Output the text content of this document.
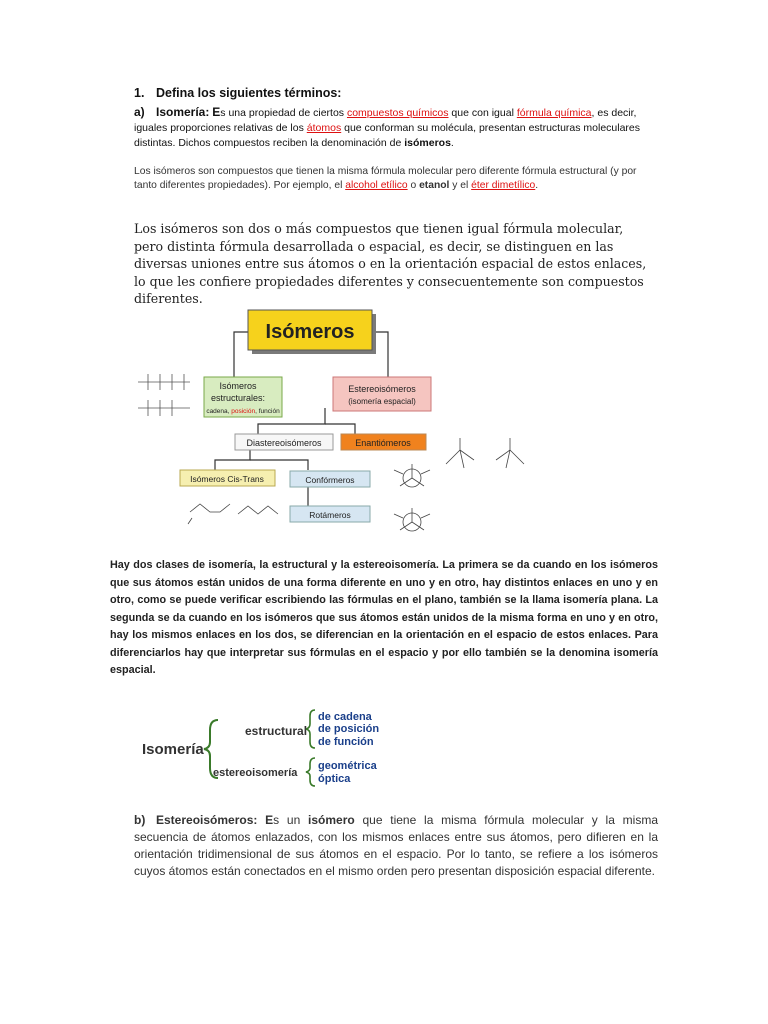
1. Defina los siguientes términos:
a) Isomería: Es una propiedad de ciertos compuestos químicos que con igual fórmula química, es decir, iguales proporciones relativas de los átomos que conforman su molécula, presentan estructuras moleculares distintas. Dichos compuestos reciben la denominación de isómeros.
Los isómeros son compuestos que tienen la misma fórmula molecular pero diferente fórmula estructural (y por tanto diferentes propiedades). Por ejemplo, el alcohol etílico o etanol y el éter dimetílico.
Los isómeros son dos o más compuestos que tienen igual fórmula molecular, pero distinta fórmula desarrollada o espacial, es decir, se distinguen en las diversas uniones entre sus átomos o en la orientación espacial de estos enlaces, lo que les confiere propiedades diferentes y consecuentemente son compuestos diferentes.
Isómeros
Isómeros
estructurales:
cadena, posición, función
Estereoisómeros
(isomería espacial)
Diastereoisómeros	Enantiómeros
Isómeros Cis-Trans	Confórmeros
Rotámeros
Hay dos clases de isomería, la estructural y la estereoisomería. La primera se da cuando en los isómeros que sus átomos están unidos de una forma diferente en uno y en otro, hay distintos enlaces en uno y en otro, como se puede verificar escribiendo las fórmulas en el plano, también se la llama isomería plana. La segunda se da cuando en los isómeros que sus átomos están unidos de la misma forma en uno y en otro, hay los mismos enlaces en los dos, se diferencian en la orientación en el espacio de estos enlaces. Para diferenciarlos hay que interpretar sus fórmulas en el espacio y por ello también se la denomina isomería espacial.
Isomería
estructural
de cadena
de posición
de función
estereoisomería
geométrica
óptica
b) Estereoisómeros: Es un isómero que tiene la misma fórmula molecular y la misma secuencia de átomos enlazados, con los mismos enlaces entre sus átomos, pero difieren en la orientación tridimensional de sus átomos en el espacio. Por lo tanto, se refiere a los isómeros cuyos átomos están conectados en el mismo orden pero presentan disposición espacial diferente.
